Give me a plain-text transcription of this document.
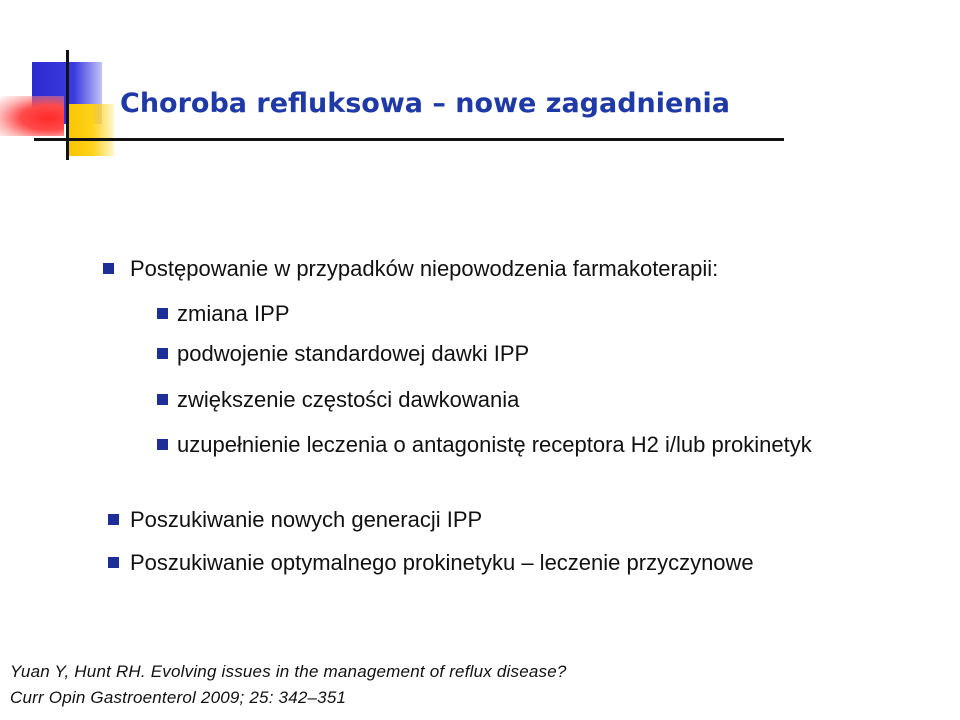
Choroba refluksowa – nowe zagadnienia
Postępowanie w przypadków niepowodzenia farmakoterapii:
zmiana IPP
podwojenie standardowej dawki IPP
zwiększenie częstości dawkowania
uzupełnienie leczenia o antagonistę receptora H2 i/lub prokinetyk
Poszukiwanie nowych generacji IPP
Poszukiwanie optymalnego prokinetyku – leczenie przyczynowe
Yuan Y, Hunt RH. Evolving issues in the management of reflux disease?
Curr Opin Gastroenterol 2009; 25: 342–351
